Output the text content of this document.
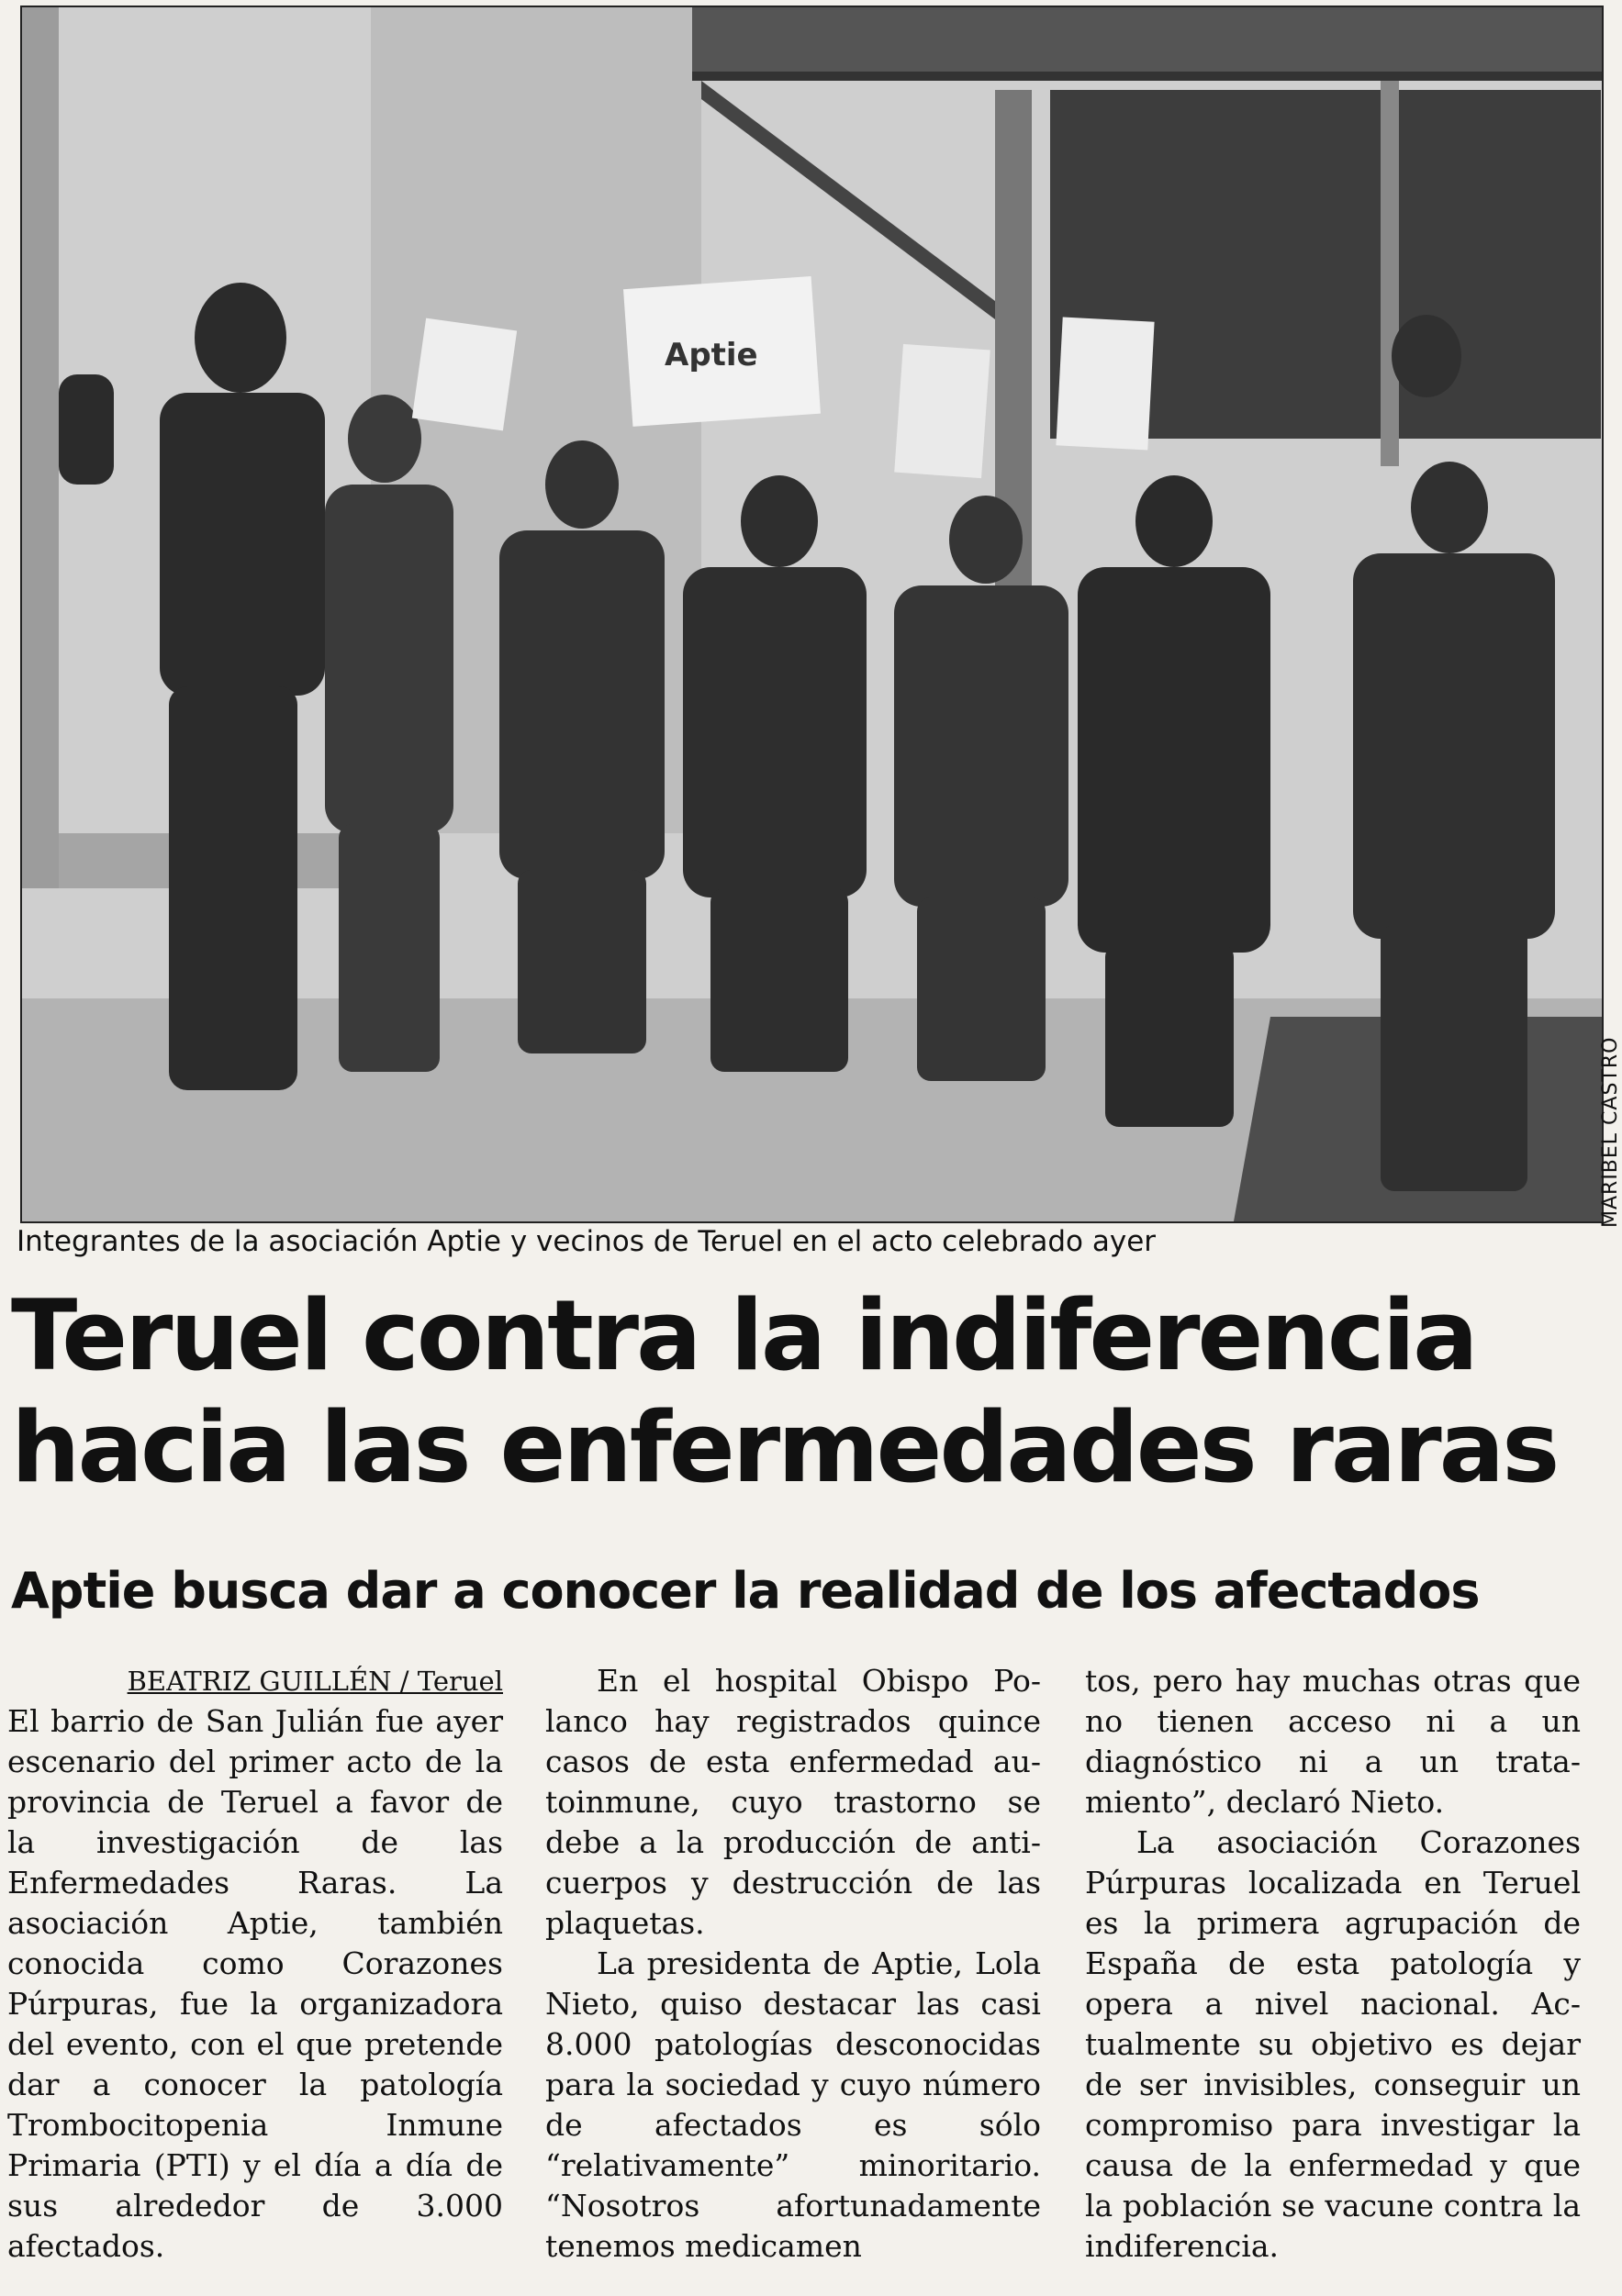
Aptie
MARIBEL CASTRO
Integrantes de la asociación Aptie y vecinos de Teruel en el acto celebrado ayer
Teruel contra la indiferencia
hacia las enfermedades raras
Aptie busca dar a conocer la realidad de los afectados
BEATRIZ GUILLÉN / Teruel

El barrio de San Julián fue ayer escenario del primer acto de la provincia de Teruel a favor de la investigación de las Enfermedades Raras. La asociación Aptie, también conocida como Corazones Púrpuras, fue la organizadora del evento, con el que pretende dar a conocer la patología Trombocitopenia Inmune Primaria (PTI) y el día a día de sus alrededor de 3.000 afectados.

En el hospital Obispo Polanco hay registrados quince casos de esta enfermedad autoinmune, cuyo trastorno se debe a la producción de anticuerpos y destrucción de las plaquetas.

La presidenta de Aptie, Lola Nieto, quiso destacar las casi 8.000 patologías desconocidas para la sociedad y cuyo número de afectados es sólo “relativamente” minoritario. “Nosotros afortunadamente tenemos medicamen

tos, pero hay muchas otras que no tienen acceso ni a un diagnóstico ni a un tratamiento”, declaró Nieto.

La asociación Corazones Púrpuras localizada en Teruel es la primera agrupación de España de esta patología y opera a nivel nacional. Actualmente su objetivo es dejar de ser invisibles, conseguir un compromiso para investigar la causa de la enfermedad y que la población se vacune contra la indiferencia.
